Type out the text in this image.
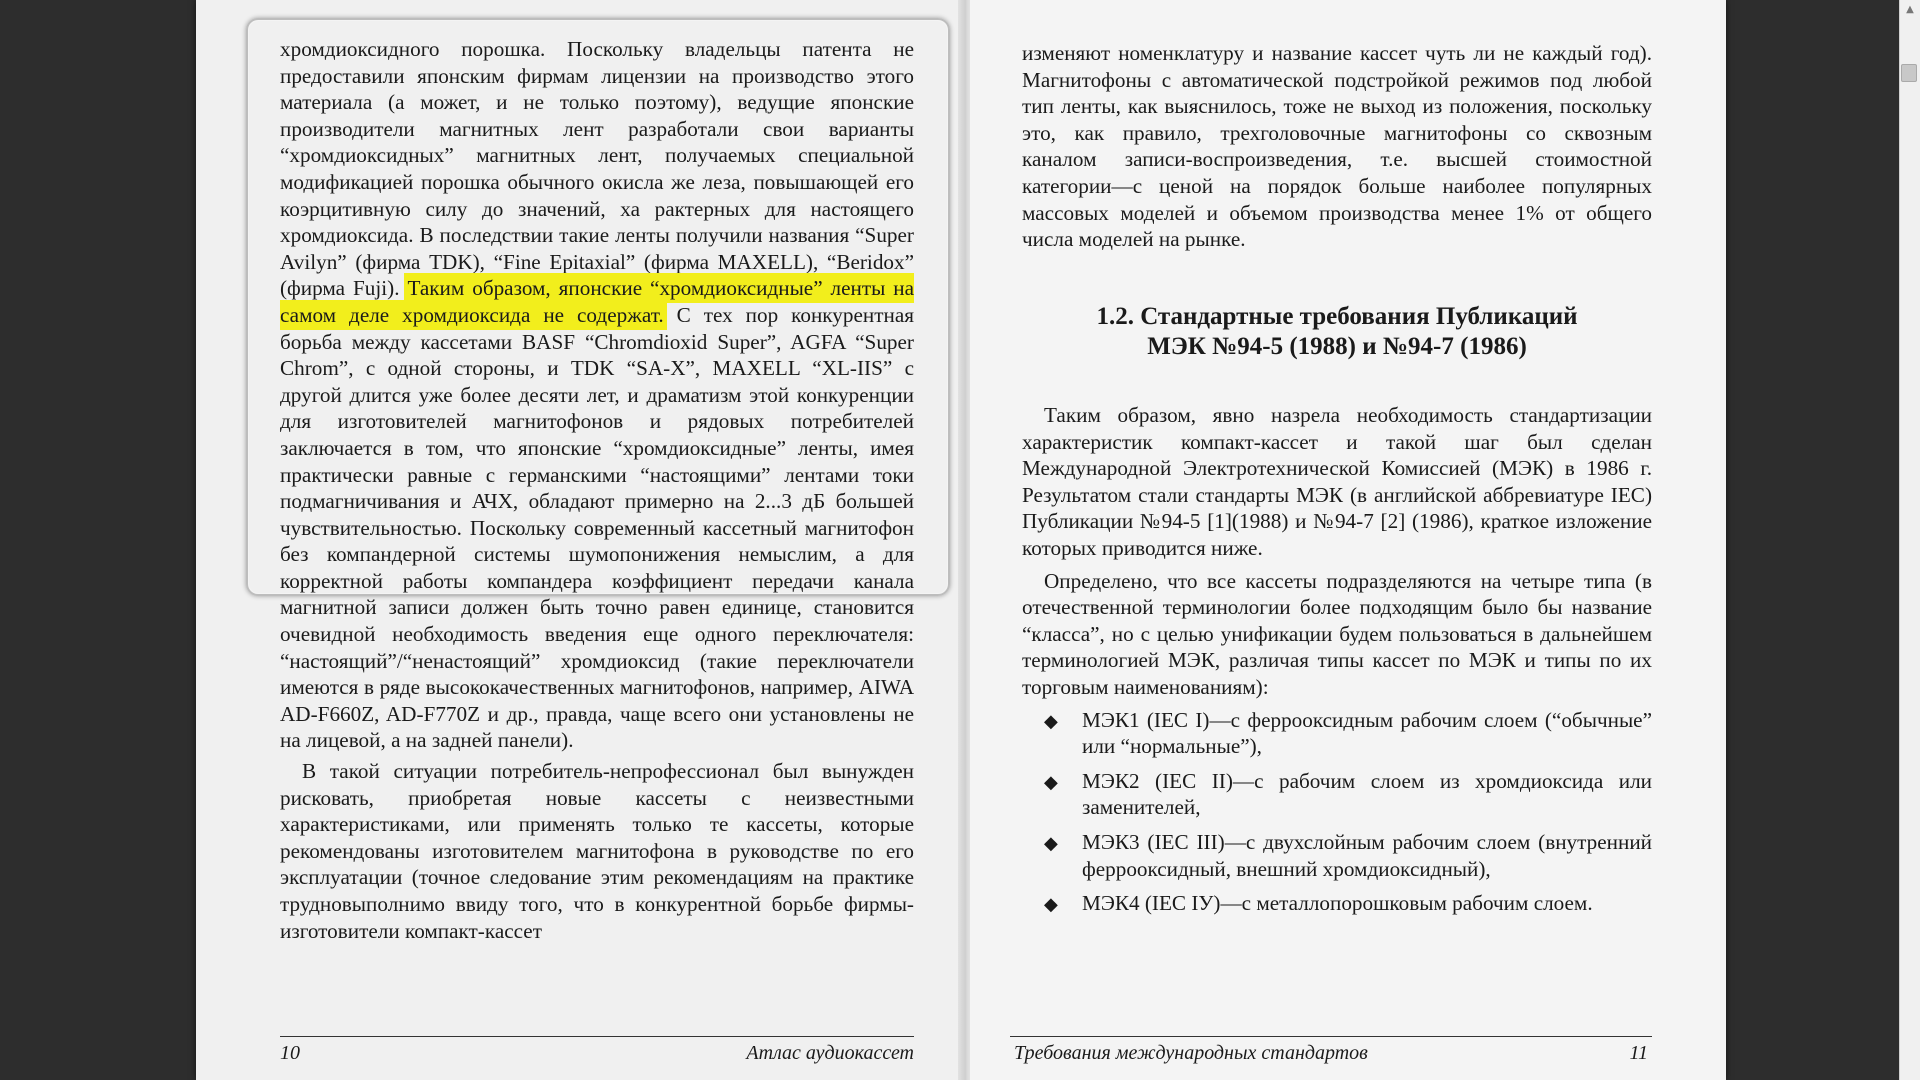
хромдиоксидного порошка. Поскольку владельцы патента не предоставили японским фирмам лицензии на производство этого материала (а может, и не только поэтому), ведущие японские производители магнитных лент разработали свои варианты “хромдиоксидных” магнитных лент, получаемых специальной модификацией порошка обычного окисла же леза, повышающей его коэрцитивную силу до значений, ха рактерных для настоящего хромдиоксида. В последствии такие ленты получили названия “Super Avilyn” (фирма TDK), “Fine Epitaxial” (фирма MAXELL), “Beridox” (фирма Fuji). Таким образом, японские “хромдиоксидные” ленты на самом деле хромдиоксида не содержат. С тех пор конкурентная борьба между кассетами BASF “Chromdioxid Super”, AGFA “Super Chrom”, с одной стороны, и TDK “SA-X”, MAXELL “XL-IIS” с другой длится уже более десяти лет, и драматизм этой конкуренции для изготовителей магнитофонов и рядовых потребителей заключается в том, что японские “хромдиоксидные” ленты, имея практически равные с германскими “настоящими” лентами токи подмагничивания и АЧХ, обладают примерно на 2...3 дБ большей чувствительностью. Поскольку современный кассетный магнитофон без компандерной системы шумопонижения немыслим, а для корректной работы компандера коэффициент передачи канала магнитной записи должен быть точно равен единице, становится очевидной необходимость введения еще одного переключателя: “настоящий”/“ненастоящий” хромдиоксид (такие переключатели имеются в ряде высококачественных магнитофонов, например, AIWA AD-F660Z, AD-F770Z и др., правда, чаще всего они установлены не на лицевой, а на задней панели).

В такой ситуации потребитель-непрофессионал был вынужден рисковать, приобретая новые кассеты с неизвестными характеристиками, или применять только те кассеты, которые рекомендованы изготовителем магнитофона в руководстве по его эксплуатации (точное следование этим рекомендациям на практике трудновыполнимо ввиду того, что в конкурентной борьбе фирмы-изготовители компакт-кассет

10	Атлас аудиокассет

изменяют номенклатуру и название кассет чуть ли не каждый год). Магнитофоны с автоматической подстройкой режимов под любой тип ленты, как выяснилось, тоже не выход из положения, поскольку это, как правило, трехголовочные магнитофоны со сквозным каналом записи-воспроизведения, т.е. высшей стоимостной категории—с ценой на порядок больше наиболее популярных массовых моделей и объемом производства менее 1% от общего числа моделей на рынке.

1.2. Стандартные требования Публикаций
МЭК №94-5 (1988) и №94-7 (1986)

Таким образом, явно назрела необходимость стандартизации характеристик компакт-кассет и такой шаг был сделан Международной Электротехнической Комиссией (МЭК) в 1986 г. Результатом стали стандарты МЭК (в английской аббревиатуре IEC) Публикации №94-5 [1](1988) и №94-7 [2] (1986), краткое изложение которых приводится ниже.

Определено, что все кассеты подразделяются на четыре типа (в отечественной терминологии более подходящим было бы название “класса”, но с целью унификации будем пользоваться в дальнейшем терминологией МЭК, различая типы кассет по МЭК и типы по их торговым наименованиям):

◆ МЭК1 (IEC I)—с феррооксидным рабочим слоем (“обычные” или “нормальные”),
◆ МЭК2 (IEC II)—с рабочим слоем из хромдиоксида или заменителей,
◆ МЭК3 (IEC III)—с двухслойным рабочим слоем (внутренний феррооксидный, внешний хромдиоксидный),
◆ МЭК4 (IEC IУ)—с металлопорошковым рабочим слоем.
Требования международных стандартов	11
▲
